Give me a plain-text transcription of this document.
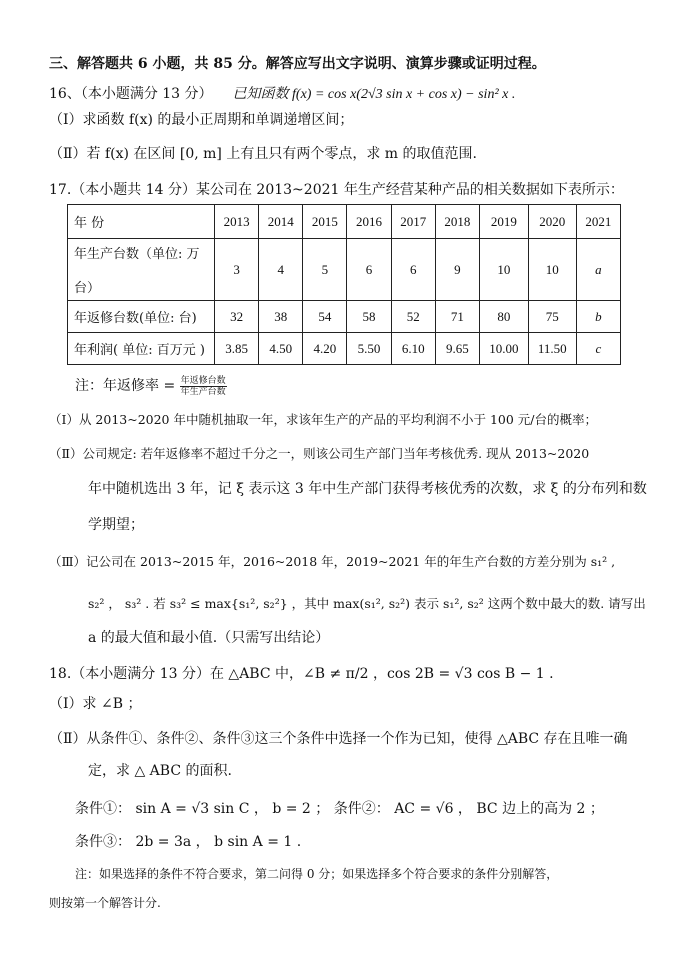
三、解答题共 6 小题，共 85 分。解答应写出文字说明、演算步骤或证明过程。
16、（本小题满分 13 分） 已知函数 f(x) = cos x(2√3 sin x + cos x) − sin² x .
（Ⅰ）求函数 f(x) 的最小正周期和单调递增区间；
（Ⅱ）若 f(x) 在区间 [0, m] 上有且只有两个零点，求 m 的取值范围.
17.（本小题共 14 分）某公司在 2013~2021 年生产经营某种产品的相关数据如下表所示：
年 份	2013	2014	2015	2016	2017	2018	2019	2020	2021
年生产台数（单位: 万

台）	3	4	5	6	6	9	10	10	a
年返修台数(单位: 台)	32	38	54	58	52	71	80	75	b
年利润( 单位: 百万元 )	3.85	4.50	4.20	5.50	6.10	9.65	10.00	11.50	c
注：年返修率 = $\frac{\text{年返修台数}}{\text{年生产台数}}$
（Ⅰ）从 2013~2020 年中随机抽取一年，求该年生产的产品的平均利润不小于 100 元/台的概率；
（Ⅱ）公司规定: 若年返修率不超过千分之一，则该公司生产部门当年考核优秀. 现从 2013~2020
年中随机选出 3 年，记 ξ 表示这 3 年中生产部门获得考核优秀的次数，求 ξ 的分布列和数
学期望；
（Ⅲ）记公司在 2013~2015 年，2016~2018 年，2019~2021 年的年生产台数的方差分别为 s₁² ,
s₂² ， s₃² . 若 s₃² ≤ max{s₁², s₂²} ，其中 max(s₁², s₂²) 表示 s₁², s₂² 这两个数中最大的数. 请写出
a 的最大值和最小值.（只需写出结论）
18.（本小题满分 13 分）在 △ABC 中，∠B ≠ π/2 ，cos 2B = √3 cos B − 1 .
（Ⅰ）求 ∠B ；
（Ⅱ）从条件①、条件②、条件③这三个条件中选择一个作为已知，使得 △ABC 存在且唯一确
定，求 △ ABC 的面积.
条件①： sin A = √3 sin C ， b = 2 ； 条件②： AC = √6 ， BC 边上的高为 2 ；
条件③： 2b = 3a ， b sin A = 1 .
注：如果选择的条件不符合要求，第二问得 0 分；如果选择多个符合要求的条件分别解答，
则按第一个解答计分.
